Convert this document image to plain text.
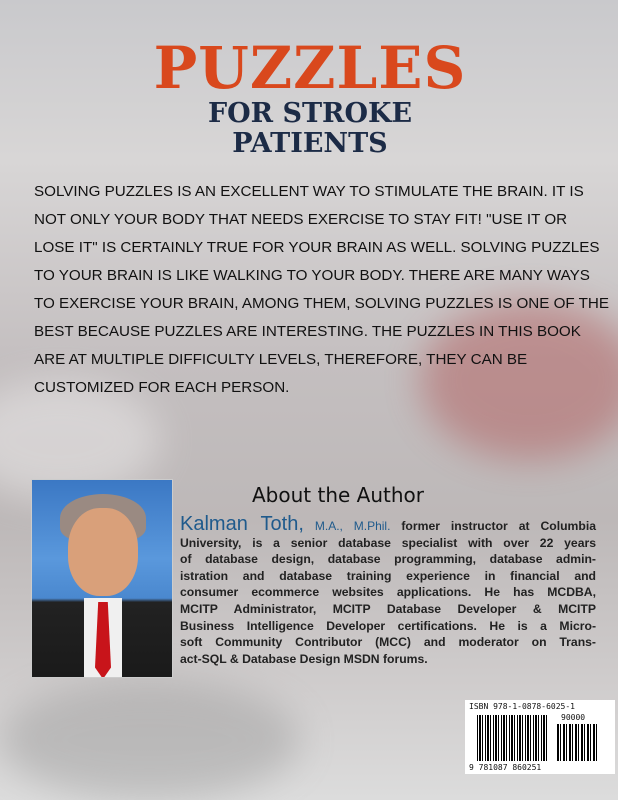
PUZZLES
FOR STROKE
PATIENTS
SOLVING PUZZLES IS AN EXCELLENT WAY TO STIMULATE THE BRAIN. IT IS
NOT ONLY YOUR BODY THAT NEEDS EXERCISE TO STAY FIT! "USE IT OR
LOSE IT" IS CERTAINLY TRUE FOR YOUR BRAIN AS WELL. SOLVING PUZZLES
TO YOUR BRAIN IS LIKE WALKING TO YOUR BODY. THERE ARE MANY WAYS
TO EXERCISE YOUR BRAIN, AMONG THEM, SOLVING PUZZLES IS ONE OF THE
BEST BECAUSE PUZZLES ARE INTERESTING. THE PUZZLES IN THIS BOOK
ARE AT MULTIPLE DIFFICULTY LEVELS, THEREFORE, THEY CAN BE
CUSTOMIZED FOR EACH PERSON.
About the Author
Kalman Toth, M.A., M.Phil. former instructor at Columbia
University, is a senior database specialist with over 22 years
of database design, database programming, database admin-
istration and database training experience in financial and
consumer ecommerce websites applications. He has MCDBA,
MCITP Administrator, MCITP Database Developer & MCITP
Business Intelligence Developer certifications. He is a Micro-
soft Community Contributor (MCC) and moderator on Trans-
act-SQL & Database Design MSDN forums.
ISBN 978-1-0878-6025-1
90000
9 781087 860251
